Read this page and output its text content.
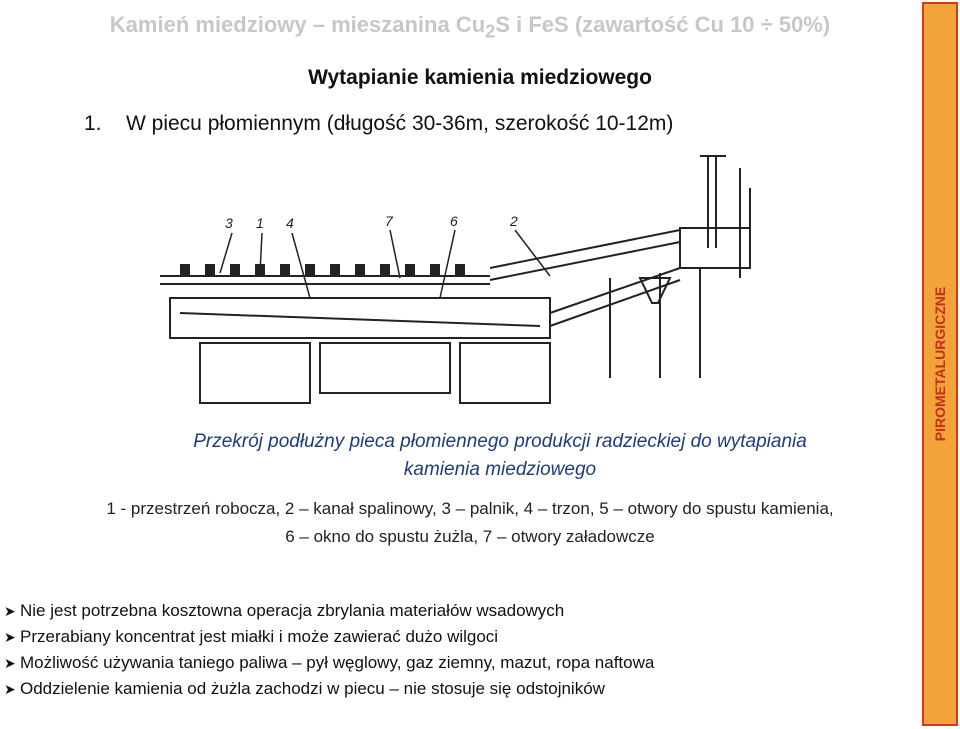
Kamień miedziowy – mieszanina $Cu_2S$ i FeS (zawartość Cu 10 ÷ 50%)
Wytapianie kamienia miedziowego
1. W piecu płomiennym (długość 30-36m, szerokość 10-12m)
3 1 4	7	6	2
Przekrój podłużny pieca płomiennego produkcji radzieckiej do wytapiania
kamienia miedziowego
1 - przestrzeń robocza, 2 – kanał spalinowy, 3 – palnik, 4 – trzon, 5 – otwory do spustu kamienia,
6 – okno do spustu żużla, 7 – otwory załadowcze
➤ Nie jest potrzebna kosztowna operacja zbrylania materiałów wsadowych
➤ Przerabiany koncentrat jest miałki i może zawierać dużo wilgoci
➤ Możliwość używania taniego paliwa – pył węglowy, gaz ziemny, mazut, ropa naftowa
➤ Oddzielenie kamienia od żużla zachodzi w piecu – nie stosuje się odstojników
PIROMETALURGICZNE
